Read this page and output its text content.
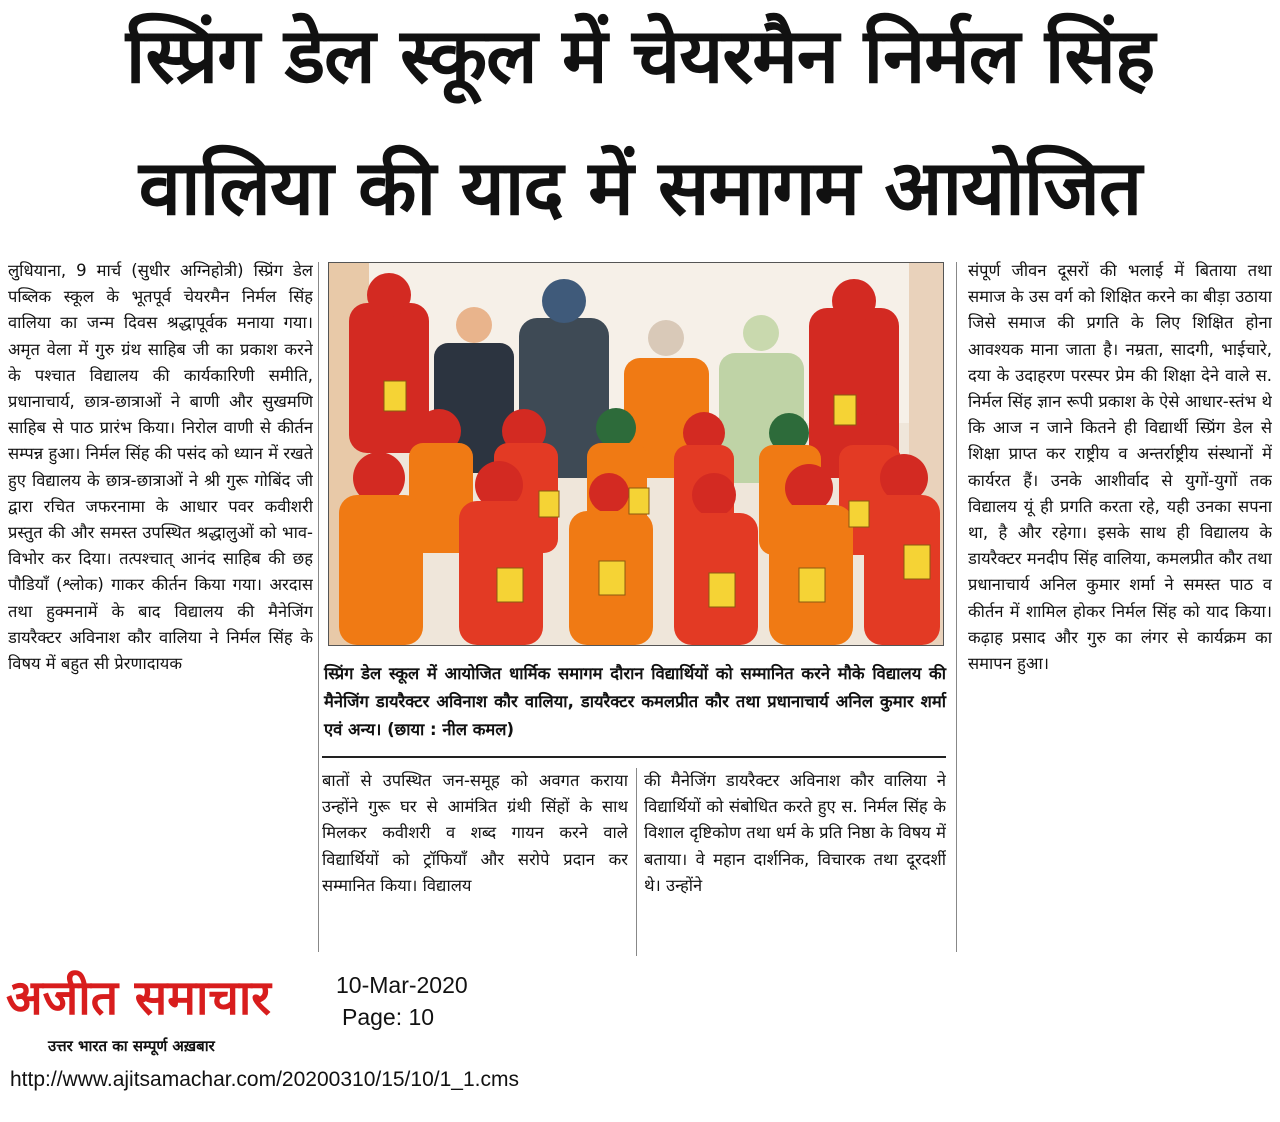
स्प्रिंग डेल स्कूल में चेयरमैन निर्मल सिंह
वालिया की याद में समागम आयोजित

लुधियाना, 9 मार्च (सुधीर अग्निहोत्री) स्प्रिंग डेल पब्लिक स्कूल के भूतपूर्व चेयरमैन निर्मल सिंह वालिया का जन्म दिवस श्रद्धापूर्वक मनाया गया। अमृत वेला में गुरु ग्रंथ साहिब जी का प्रकाश करने के पश्चात विद्यालय की कार्यकारिणी समीति, प्रधानाचार्य, छात्र-छात्राओं ने बाणी और सुखमणि साहिब से पाठ प्रारंभ किया। निरोल वाणी से कीर्तन सम्पन्न हुआ। निर्मल सिंह की पसंद को ध्यान में रखते हुए विद्यालय के छात्र-छात्राओं ने श्री गुरू गोबिंद जी द्वारा रचित जफरनामा के आधार पवर कवीशरी प्रस्तुत की और समस्त उपस्थित श्रद्धालुओं को भाव-विभोर कर दिया। तत्पश्चात् आनंद साहिब की छह पौडियाँ (श्लोक) गाकर कीर्तन किया गया। अरदास तथा हुक्मनामें के बाद विद्यालय की मैनेजिंग डायरैक्टर अविनाश कौर वालिया ने निर्मल सिंह के विषय में बहुत सी प्रेरणादायक

स्प्रिंग डेल स्कूल में आयोजित धार्मिक समागम दौरान विद्यार्थियों को सम्मानित करने मौके विद्यालय की मैनेजिंग डायरैक्टर अविनाश कौर वालिया, डायरैक्टर कमलप्रीत कौर तथा प्रधानाचार्य अनिल कुमार शर्मा एवं अन्य। (छाया : नील कमल)

बातों से उपस्थित जन-समूह को अवगत कराया उन्होंने गुरू घर से आमंत्रित ग्रंथी सिंहों के साथ मिलकर कवीशरी व शब्द गायन करने वाले विद्यार्थियों को ट्रॉफियाँ और सरोपे प्रदान कर सम्मानित किया। विद्यालय

की मैनेजिंग डायरैक्टर अविनाश कौर वालिया ने विद्यार्थियों को संबोधित करते हुए स. निर्मल सिंह के विशाल दृष्टिकोण तथा धर्म के प्रति निष्ठा के विषय में बताया। वे महान दार्शनिक, विचारक तथा दूरदर्शी थे। उन्होंने

संपूर्ण जीवन दूसरों की भलाई में बिताया तथा समाज के उस वर्ग को शिक्षित करने का बीड़ा उठाया जिसे समाज की प्रगति के लिए शिक्षित होना आवश्यक माना जाता है। नम्रता, सादगी, भाईचारे, दया के उदाहरण परस्पर प्रेम की शिक्षा देने वाले स. निर्मल सिंह ज्ञान रूपी प्रकाश के ऐसे आधार-स्तंभ थे कि आज न जाने कितने ही विद्यार्थी स्प्रिंग डेल से शिक्षा प्राप्त कर राष्ट्रीय व अन्तर्राष्ट्रीय संस्थानों में कार्यरत हैं। उनके आशीर्वाद से युगों-युगों तक विद्यालय यूं ही प्रगति करता रहे, यही उनका सपना था, है और रहेगा। इसके साथ ही विद्यालय के डायरैक्टर मनदीप सिंह वालिया, कमलप्रीत कौर तथा प्रधानाचार्य अनिल कुमार शर्मा ने समस्त पाठ व कीर्तन में शामिल होकर निर्मल सिंह को याद किया। कढ़ाह प्रसाद और गुरु का लंगर से कार्यक्रम का समापन हुआ।

अजीत समाचार
उत्तर भारत का सम्पूर्ण अख़बार
10-Mar-2020
Page: 10
http://www.ajitsamachar.com/20200310/15/10/1_1.cms
